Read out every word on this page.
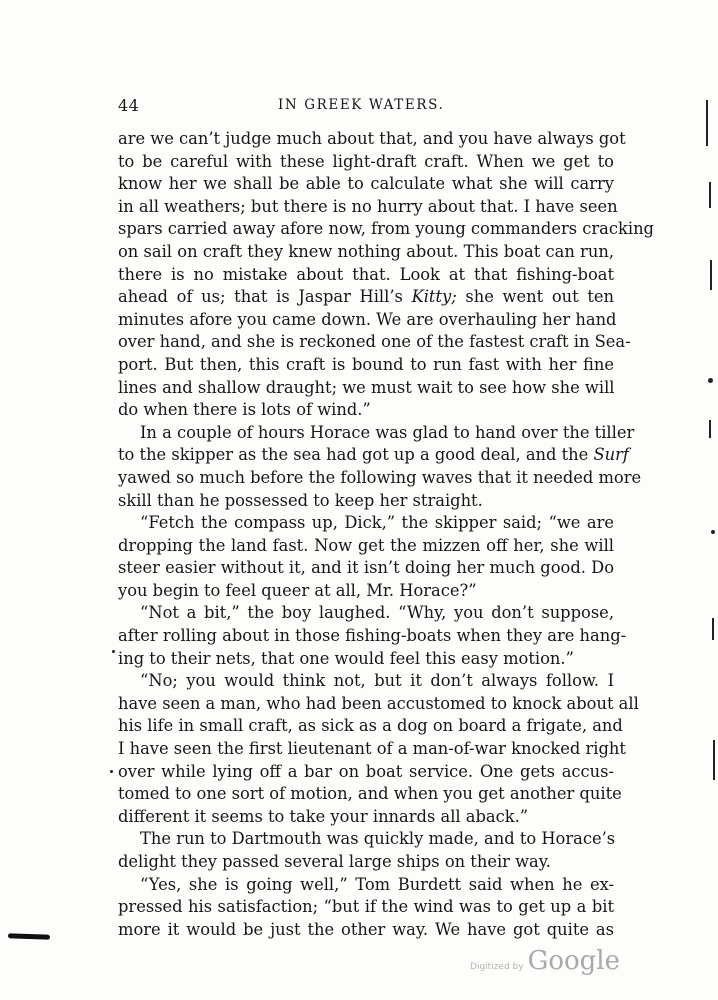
44	IN GREEK WATERS.
are we can’t judge much about that, and you have always got
to be careful with these light-draft craft. When we get to
know her we shall be able to calculate what she will carry
in all weathers; but there is no hurry about that. I have seen
spars carried away afore now, from young commanders cracking
on sail on craft they knew nothing about. This boat can run,
there is no mistake about that. Look at that fishing-boat
ahead of us; that is Jaspar Hill’s Kitty; she went out ten
minutes afore you came down. We are overhauling her hand
over hand, and she is reckoned one of the fastest craft in Sea-
port. But then, this craft is bound to run fast with her fine
lines and shallow draught; we must wait to see how she will
do when there is lots of wind.”
In a couple of hours Horace was glad to hand over the tiller
to the skipper as the sea had got up a good deal, and the Surf
yawed so much before the following waves that it needed more
skill than he possessed to keep her straight.
“Fetch the compass up, Dick,” the skipper said; “we are
dropping the land fast. Now get the mizzen off her, she will
steer easier without it, and it isn’t doing her much good. Do
you begin to feel queer at all, Mr. Horace?”
“Not a bit,” the boy laughed. “Why, you don’t suppose,
after rolling about in those fishing-boats when they are hang-
ing to their nets, that one would feel this easy motion.”
“No; you would think not, but it don’t always follow. I
have seen a man, who had been accustomed to knock about all
his life in small craft, as sick as a dog on board a frigate, and
I have seen the first lieutenant of a man-of-war knocked right
over while lying off a bar on boat service. One gets accus-
tomed to one sort of motion, and when you get another quite
different it seems to take your innards all aback.”
The run to Dartmouth was quickly made, and to Horace’s
delight they passed several large ships on their way.
“Yes, she is going well,” Tom Burdett said when he ex-
pressed his satisfaction; “but if the wind was to get up a bit
more it would be just the other way. We have got quite as
Digitized by Google
